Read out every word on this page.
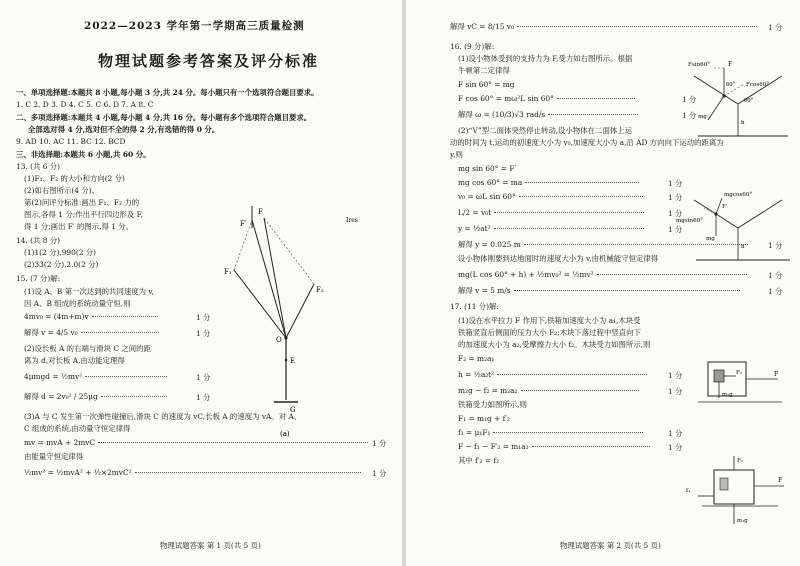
2022—2023 学年第一学期高三质量检测
物理试题参考答案及评分标准
一、单项选择题:本题共 8 小题,每小题 3 分,共 24 分。每小题只有一个选项符合题目要求。
1. C 2. D 3. D 4. C 5. C 6. D 7. A 8. C
二、多项选择题:本题共 4 小题,每小题 4 分,共 16 分。每小题有多个选项符合题目要求。
全部选对得 4 分,选对但不全的得 2 分,有选错的得 0 分。
9. AD 10. AC 11. BC 12. BCD
三、非选择题:本题共 6 小题,共 60 分。
13. (共 6 分)
(1)F₁、F₂ 的大小和方向(2 分)
(2)如右图所示(4 分)。
第(2)问评分标准:画出 F₁、F₂ 力的
图示,各得 1 分;作出平行四边形及 F,
得 1 分;画出 F′ 的图示,得 1 分。
14. (共 8 分)
(1)1(2 分),990(2 分)
(2)33(2 分),2.0(2 分)
15. (7 分)解:
(1)设 A、B 第一次达到的共同速度为 v,
因 A、B 组成的系统动量守恒,则
4mv₀ = (4m+m)v	1 分
解得 v = 4/5 v₀	1 分
(2)设长板 A 的右端与滑块 C 之间的距
离为 d,对长板 A,由动能定理得
4μmgd = ½mv²	1 分
解得 d = 2v₀² / 25μg	1 分
(3)A 与 C 发生第一次弹性碰撞后,滑块 C 的速度为 vC,长板 A 的速度为 vA。对 A、
C 组成的系统,由动量守恒定律得
mv = mvA + 2mvC	1 分
由能量守恒定律得
½mv² = ½mvA² + ½×2mvC²	1 分
F
F′
F₁
F₂
O
E
G
(a)
Ires
物理试题答案 第 1 页(共 5 页)
解得 vC = 8/15 v₀	1 分
16. (9 分)解:
(1)设小物体受到的支持力为 F,受力如右图所示。根据
牛顿第二定律得
F sin 60° = mg
F cos 60° = mω²L sin 60°	1 分
解得 ω = (10/3)√3 rad/s	1 分
(2)“V”型二面体突然停止转动,设小物体在二面体上运
动的时间为 t,运动的初速度大小为 v₀,加速度大小为 a,沿 AD 方向向下运动的距离为
y,则
mg sin 60° = F′
mg cos 60° = ma	1 分
v₀ = ωL sin 60°	1 分
L/2 = v₀t	1 分
y = ½at²	1 分
解得 y = 0.025 m	1 分
设小物体刚要到达地面时的速度大小为 v,由机械能守恒定律得
mg(L cos 60° + h) + ½mv₀² = ½mv²	1 分
解得 v = 5 m/s	1 分
17. (11 分)解:
(1)设在水平拉力 F 作用下,铁箱加速度大小为 a₁,木块受
铁箱竖直后侧面的压力大小 F₂;木块下落过程中竖直向下
的加速度大小为 a₂,受摩擦力大小 f₂。木块受力如图所示,则
F₂ = m₂a₁
h = ½a₂t²	1 分
m₂g − f₂ = m₂a₂	1 分
铁箱受力如图所示,则
F₁ = m₁g + f′₂
f₁ = μ₁F₁	1 分
F − f₁ − F′₂ = m₁a₁	1 分
其中 f′₂ = f₂
Fsin60°	F
Fcos60°
60°
60°
mg
h
mgcos60°
mgsin60°
F′
mg
h
F₂	F
m₂g
F₁
f₁
F
m₁g
物理试题答案 第 2 页(共 5 页)
